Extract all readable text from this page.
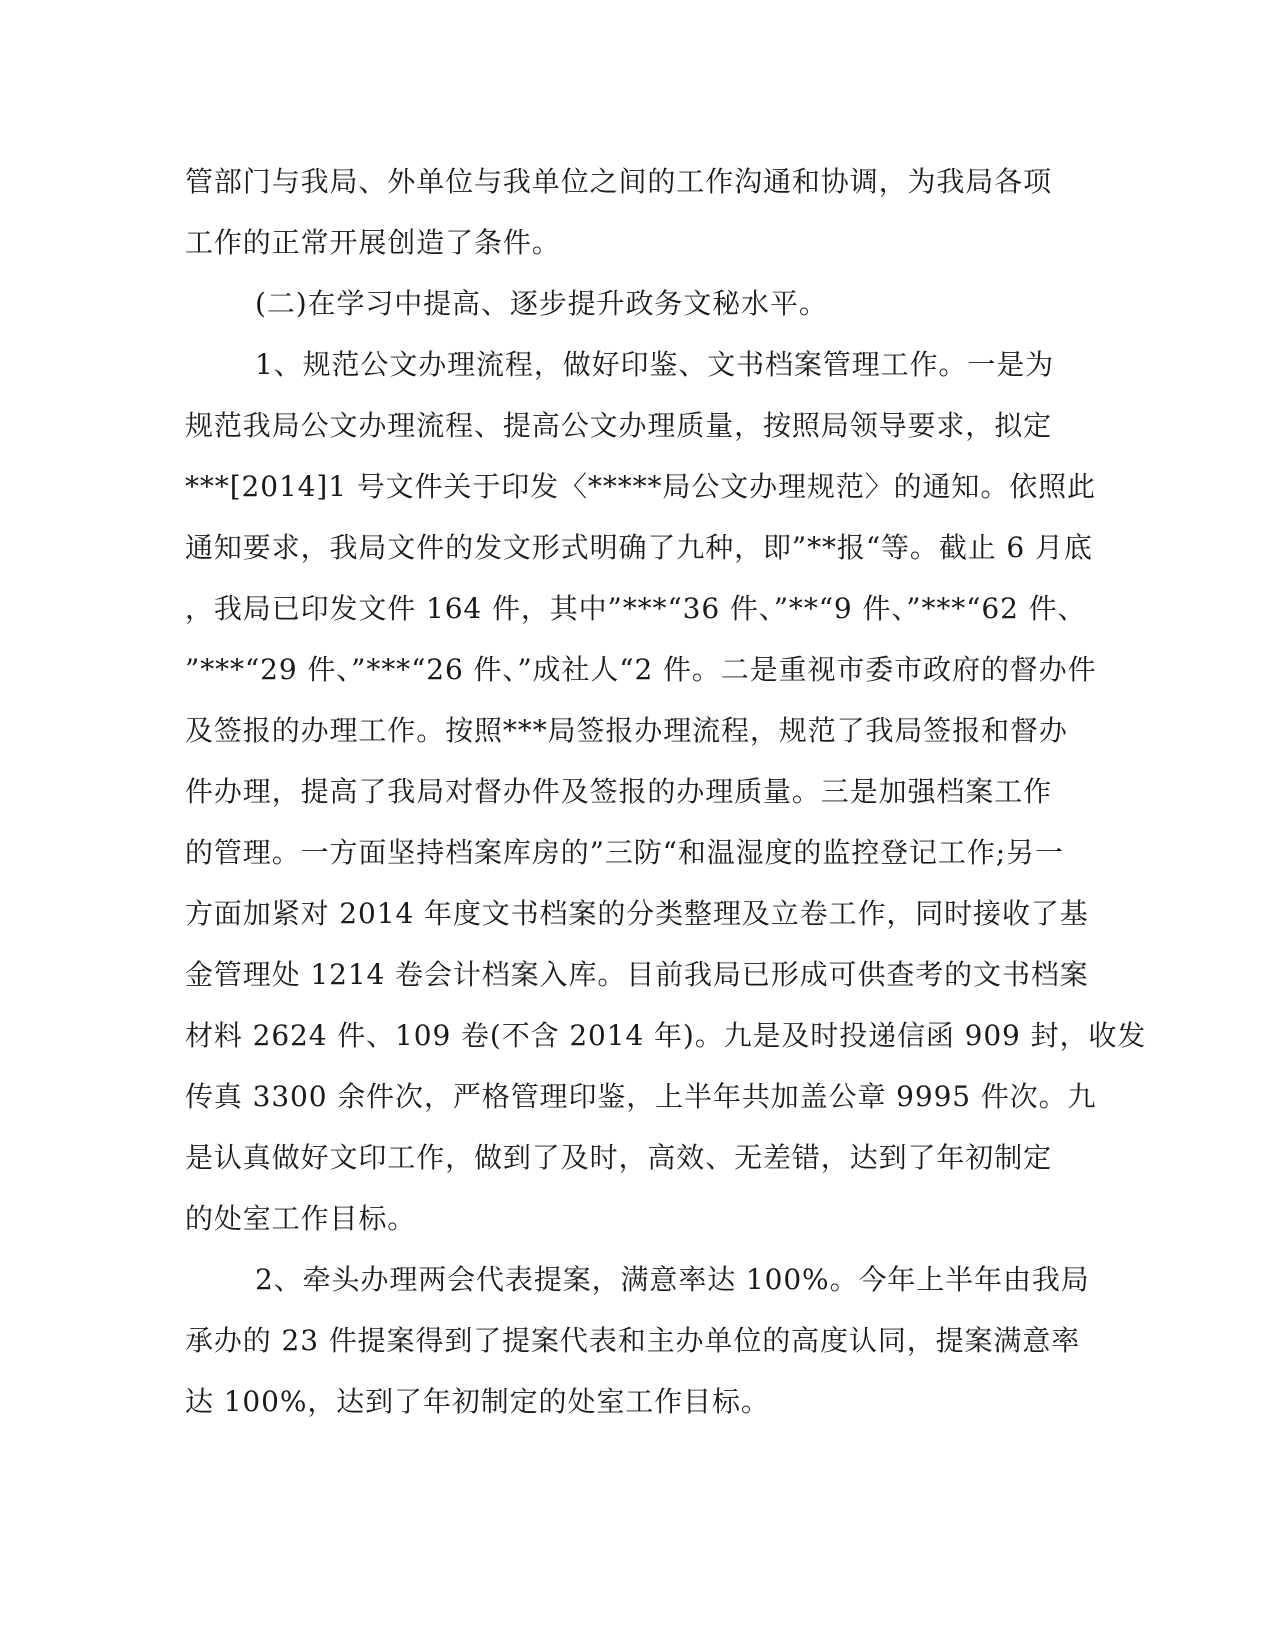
管部门与我局、外单位与我单位之间的工作沟通和协调，为我局各项
工作的正常开展创造了条件。
(二)在学习中提高、逐步提升政务文秘水平。
1、规范公文办理流程，做好印鉴、文书档案管理工作。一是为
规范我局公文办理流程、提高公文办理质量，按照局领导要求，拟定
***[2014]1 号文件关于印发〈*****局公文办理规范〉的通知。依照此
通知要求，我局文件的发文形式明确了九种，即”**报“等。截止 6 月底
，我局已印发文件 164 件，其中”***“36 件、”**“9 件、”***“62 件、
”***“29 件、”***“26 件、”成社人“2 件。二是重视市委市政府的督办件
及签报的办理工作。按照***局签报办理流程，规范了我局签报和督办
件办理，提高了我局对督办件及签报的办理质量。三是加强档案工作
的管理。一方面坚持档案库房的”三防“和温湿度的监控登记工作;另一
方面加紧对 2014 年度文书档案的分类整理及立卷工作，同时接收了基
金管理处 1214 卷会计档案入库。目前我局已形成可供查考的文书档案
材料 2624 件、109 卷(不含 2014 年)。九是及时投递信函 909 封，收发
传真 3300 余件次，严格管理印鉴，上半年共加盖公章 9995 件次。九
是认真做好文印工作，做到了及时，高效、无差错，达到了年初制定
的处室工作目标。
2、牵头办理两会代表提案，满意率达 100%。今年上半年由我局
承办的 23 件提案得到了提案代表和主办单位的高度认同，提案满意率
达 100%，达到了年初制定的处室工作目标。
